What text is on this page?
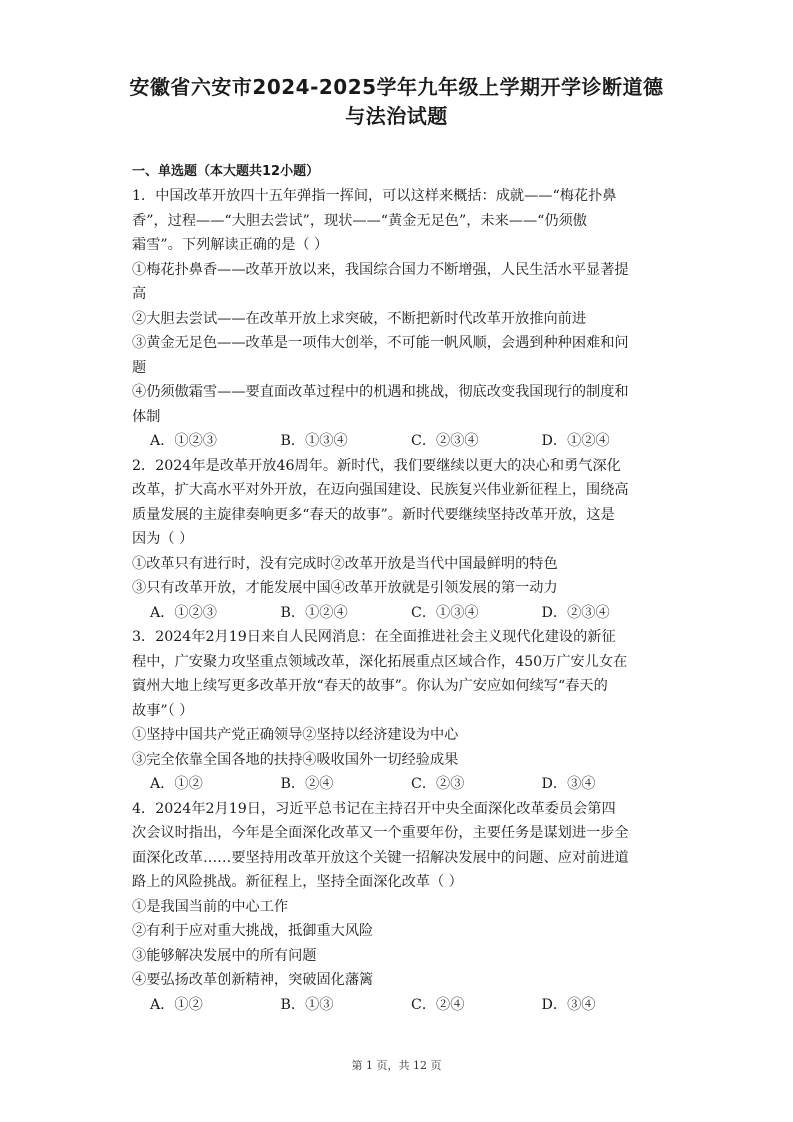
安徽省六安市2024-2025学年九年级上学期开学诊断道德
与法治试题
一、单选题（本大题共12小题）
1．中国改革开放四十五年弹指一挥间，可以这样来概括：成就——“梅花扑鼻
香”，过程——“大胆去尝试”，现状——“黄金无足色”，未来——“仍须傲
霜雪”。下列解读正确的是（ ）
①梅花扑鼻香——改革开放以来，我国综合国力不断增强，人民生活水平显著提
高
②大胆去尝试——在改革开放上求突破，不断把新时代改革开放推向前进
③黄金无足色——改革是一项伟大创举，不可能一帆风顺，会遇到种种困难和问
题
④仍须傲霜雪——要直面改革过程中的机遇和挑战，彻底改变我国现行的制度和
体制
A．①②③	B．①③④	C．②③④	D．①②④
2．2024年是改革开放46周年。新时代，我们要继续以更大的决心和勇气深化
改革，扩大高水平对外开放，在迈向强国建设、民族复兴伟业新征程上，围绕高
质量发展的主旋律奏响更多“春天的故事”。新时代要继续坚持改革开放，这是
因为（ ）
①改革只有进行时，没有完成时②改革开放是当代中国最鲜明的特色
③只有改革开放，才能发展中国④改革开放就是引领发展的第一动力
A．①②③	B．①②④	C．①③④	D．②③④
3．2024年2月19日来自人民网消息：在全面推进社会主义现代化建设的新征
程中，广安聚力攻坚重点领域改革，深化拓展重点区域合作，450万广安儿女在
賨州大地上续写更多改革开放“春天的故事”。你认为广安应如何续写“春天的
故事”（ ）
①坚持中国共产党正确领导②坚持以经济建设为中心
③完全依靠全国各地的扶持④吸收国外一切经验成果
A．①②	B．②④	C．②③	D．③④
4．2024年2月19日，习近平总书记在主持召开中央全面深化改革委员会第四
次会议时指出，今年是全面深化改革又一个重要年份，主要任务是谋划进一步全
面深化改革……要坚持用改革开放这个关键一招解决发展中的问题、应对前进道
路上的风险挑战。新征程上，坚持全面深化改革（ ）
①是我国当前的中心工作
②有利于应对重大挑战，抵御重大风险
③能够解决发展中的所有问题
④要弘扬改革创新精神，突破固化藩篱
A．①②	B．①③	C．②④	D．③④
第 1 页，共 12 页
